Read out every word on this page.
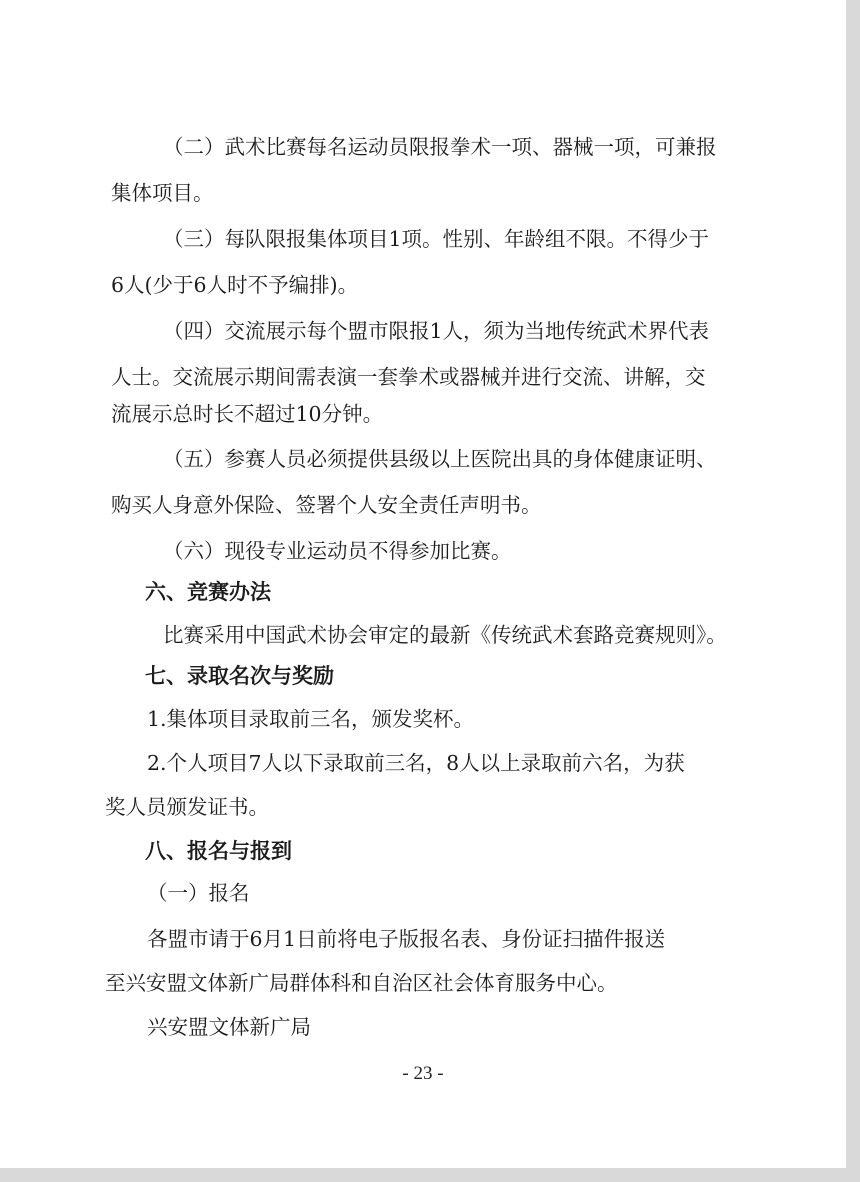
（二）武术比赛每名运动员限报拳术一项、器械一项，可兼报
集体项目。
（三）每队限报集体项目1项。性别、年龄组不限。不得少于
6人(少于6人时不予编排)。
（四）交流展示每个盟市限报1人，须为当地传统武术界代表
人士。交流展示期间需表演一套拳术或器械并进行交流、讲解，交
流展示总时长不超过10分钟。
（五）参赛人员必须提供县级以上医院出具的身体健康证明、
购买人身意外保险、签署个人安全责任声明书。
（六）现役专业运动员不得参加比赛。
六、竞赛办法
比赛采用中国武术协会审定的最新《传统武术套路竞赛规则》。
七、录取名次与奖励
1.集体项目录取前三名，颁发奖杯。
2.个人项目7人以下录取前三名，8人以上录取前六名，为获
奖人员颁发证书。
八、报名与报到
（一）报名
各盟市请于6月1日前将电子版报名表、身份证扫描件报送
至兴安盟文体新广局群体科和自治区社会体育服务中心。
兴安盟文体新广局
- 23 -
